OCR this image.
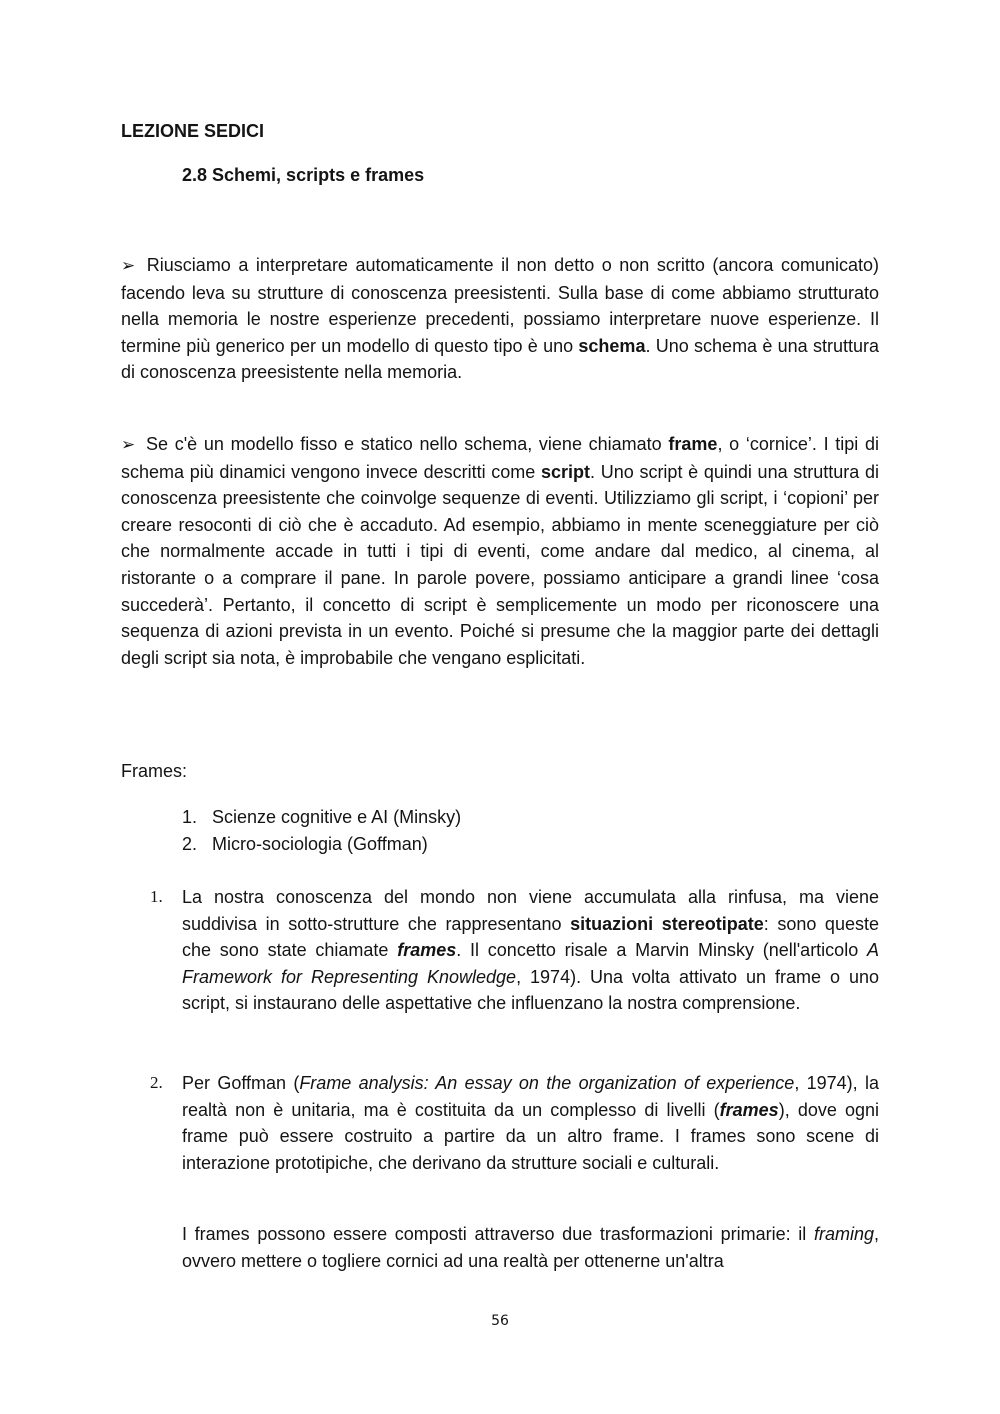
LEZIONE SEDICI
2.8 Schemi, scripts e frames

➢ Riusciamo a interpretare automaticamente il non detto o non scritto (ancora comunicato) facendo leva su strutture di conoscenza preesistenti. Sulla base di come abbiamo strutturato nella memoria le nostre esperienze precedenti, possiamo interpretare nuove esperienze. Il termine più generico per un modello di questo tipo è uno schema. Uno schema è una struttura di conoscenza preesistente nella memoria.

➢ Se c'è un modello fisso e statico nello schema, viene chiamato frame, o ‘cornice’. I tipi di schema più dinamici vengono invece descritti come script. Uno script è quindi una struttura di conoscenza preesistente che coinvolge sequenze di eventi. Utilizziamo gli script, i ‘copioni’ per creare resoconti di ciò che è accaduto. Ad esempio, abbiamo in mente sceneggiature per ciò che normalmente accade in tutti i tipi di eventi, come andare dal medico, al cinema, al ristorante o a comprare il pane. In parole povere, possiamo anticipare a grandi linee ‘cosa succederà’. Pertanto, il concetto di script è semplicemente un modo per riconoscere una sequenza di azioni prevista in un evento. Poiché si presume che la maggior parte dei dettagli degli script sia nota, è improbabile che vengano esplicitati.

Frames:
1. Scienze cognitive e AI (Minsky)
2. Micro-sociologia (Goffman)
1. La nostra conoscenza del mondo non viene accumulata alla rinfusa, ma viene suddivisa in sotto-strutture che rappresentano situazioni stereotipate: sono queste che sono state chiamate frames. Il concetto risale a Marvin Minsky (nell'articolo A Framework for Representing Knowledge, 1974). Una volta attivato un frame o uno script, si instaurano delle aspettative che influenzano la nostra comprensione.
2. Per Goffman (Frame analysis: An essay on the organization of experience, 1974), la realtà non è unitaria, ma è costituita da un complesso di livelli (frames), dove ogni frame può essere costruito a partire da un altro frame. I frames sono scene di interazione prototipiche, che derivano da strutture sociali e culturali.

I frames possono essere composti attraverso due trasformazioni primarie: il framing, ovvero mettere o togliere cornici ad una realtà per ottenerne un'altra

56
